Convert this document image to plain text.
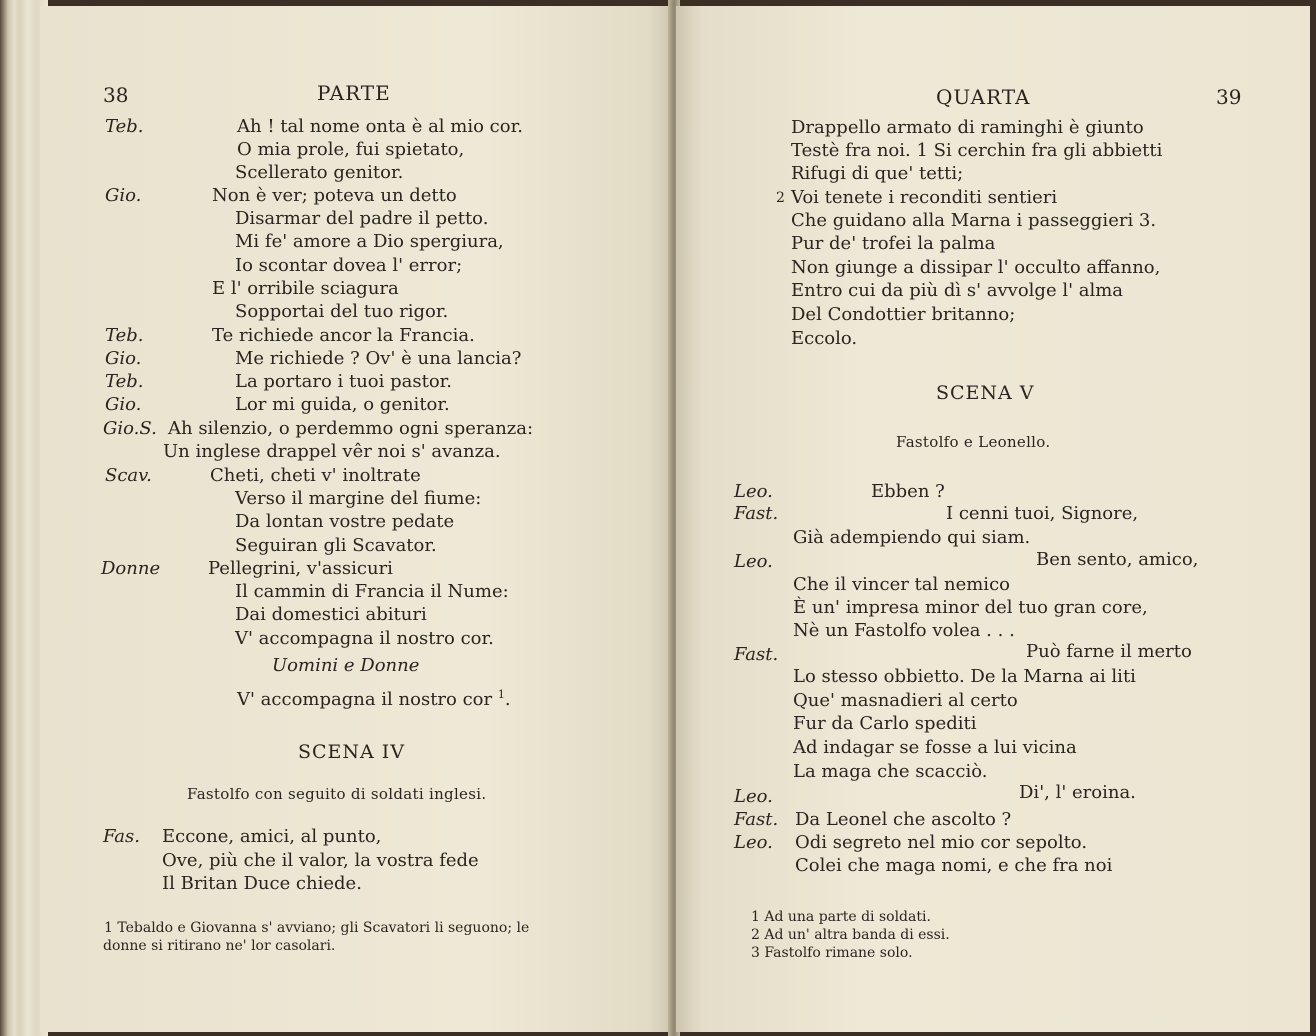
38	PARTE
Teb.
Gio.
Teb.
Gio.
Teb.
Gio.
Gio.S.
Scav.
Donne
Ah ! tal nome onta è al mio cor.
O mia prole, fui spietato,
Scellerato genitor.
Non è ver; poteva un detto
Disarmar del padre il petto.
Mi fe' amore a Dio spergiura,
Io scontar dovea l' error;
E l' orribile sciagura
Sopportai del tuo rigor.
Te richiede ancor la Francia.
Me richiede ? Ov' è una lancia?
La portaro i tuoi pastor.
Lor mi guida, o genitor.
Ah silenzio, o perdemmo ogni speranza:
Un inglese drappel vêr noi s' avanza.
Cheti, cheti v' inoltrate
Verso il margine del fiume:
Da lontan vostre pedate
Seguiran gli Scavator.
Pellegrini, v'assicuri
Il cammin di Francia il Nume:
Dai domestici abituri
V' accompagna il nostro cor.
Uomini e Donne
V' accompagna il nostro cor $^1$.
SCENA IV
Fastolfo con seguito di soldati inglesi.
Fas. Eccone, amici, al punto,
Ove, più che il valor, la vostra fede
Il Britan Duce chiede.
1 Tebaldo e Giovanna s' avviano; gli Scavatori li seguono; le
donne si ritirano ne' lor casolari.
QUARTA	39
Drappello armato di raminghi è giunto
Testè fra noi. 1 Si cerchin fra gli abbietti
Rifugi di que' tetti;
2 Voi tenete i reconditi sentieri
Che guidano alla Marna i passeggieri 3.
Pur de' trofei la palma
Non giunge a dissipar l' occulto affanno,
Entro cui da più dì s' avvolge l' alma
Del Condottier britanno;
Eccolo.
SCENA V
Fastolfo e Leonello.
Leo.
Fast.
Leo.
Fast.
Leo.
Fast.
Leo.
Ebben ?
I cenni tuoi, Signore,
Già adempiendo qui siam.
Ben sento, amico,
Che il vincer tal nemico
È un' impresa minor del tuo gran core,
Nè un Fastolfo volea . . .
Può farne il merto
Lo stesso obbietto. De la Marna ai liti
Que' masnadieri al certo
Fur da Carlo spediti
Ad indagar se fosse a lui vicina
La maga che scacciò.
Di', l' eroina.
Da Leonel che ascolto ?
Odi segreto nel mio cor sepolto.
Colei che maga nomi, e che fra noi
1 Ad una parte di soldati.
2 Ad un' altra banda di essi.
3 Fastolfo rimane solo.
